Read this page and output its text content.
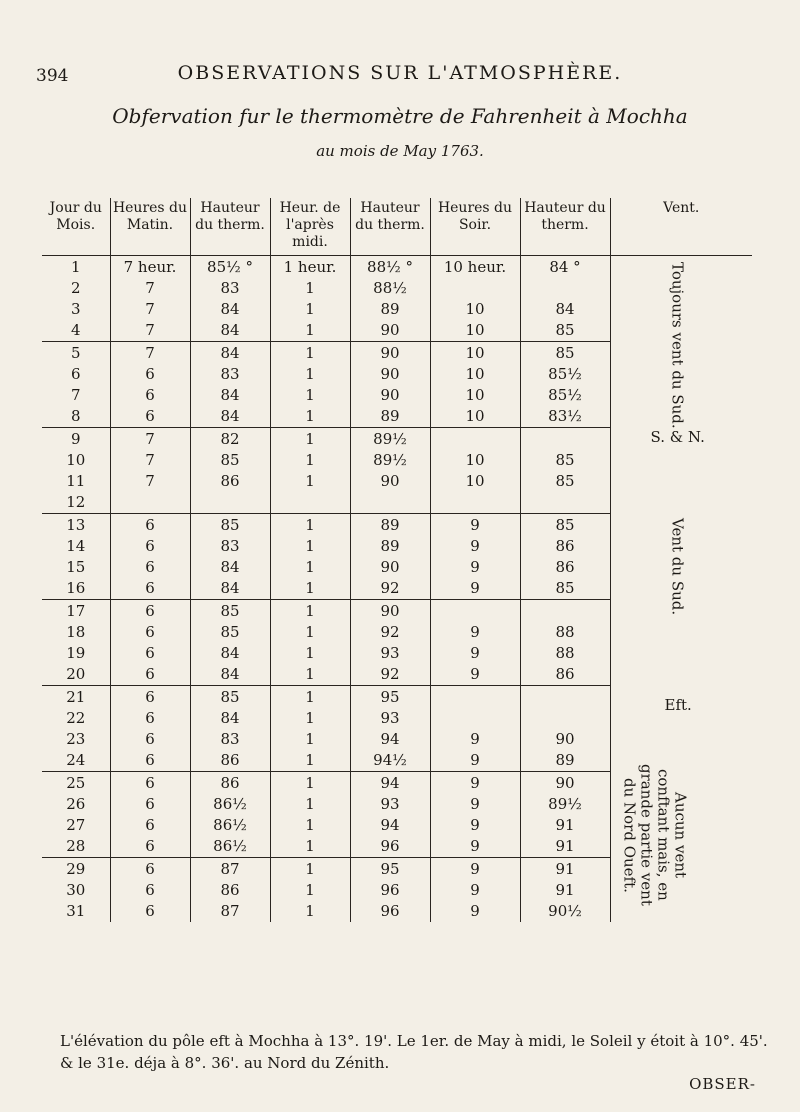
394	OBSERVATIONS SUR L'ATMOSPHÈRE.
Obfervation fur le thermomètre de Fahrenheit à Mochha
au mois de May 1763.
Jour du Mois.	Heures du Matin.	Hauteur du therm.	Heur. de l'après midi.	Hauteur du therm.	Heures du Soir.	Hauteur du therm.	Vent.
1	7 heur.	85½ °	1 heur.	88½ °	10 heur.	84 °	Toujours vent du Sud.
S. & N.
Vent du Sud.
Eft.
Aucun vent conftant mais, en grande partie vent du Nord Oueft.

2	7	83	1	88½			
3	7	84	1	89	10	84	
4	7	84	1	90	10	85	
5	7	84	1	90	10	85	
6	6	83	1	90	10	85½	
7	6	84	1	90	10	85½	
8	6	84	1	89	10	83½	
9	7	82	1	89½			
10	7	85	1	89½	10	85	
11	7	86	1	90	10	85	
12							
13	6	85	1	89	9	85	
14	6	83	1	89	9	86	
15	6	84	1	90	9	86	
16	6	84	1	92	9	85	
17	6	85	1	90			
18	6	85	1	92	9	88	
19	6	84	1	93	9	88	
20	6	84	1	92	9	86	
21	6	85	1	95			
22	6	84	1	93			
23	6	83	1	94	9	90	
24	6	86	1	94½	9	89	
25	6	86	1	94	9	90	
26	6	86½	1	93	9	89½	
27	6	86½	1	94	9	91	
28	6	86½	1	96	9	91	
29	6	87	1	95	9	91	
30	6	86	1	96	9	91	
31	6	87	1	96	9	90½	
L'élévation du pôle eft à Mochha à 13°. 19'. Le 1er. de May à midi, le Soleil y étoit à 10°. 45'. & le 31e. déja à 8°. 36'. au Nord du Zénith.
OBSER-
